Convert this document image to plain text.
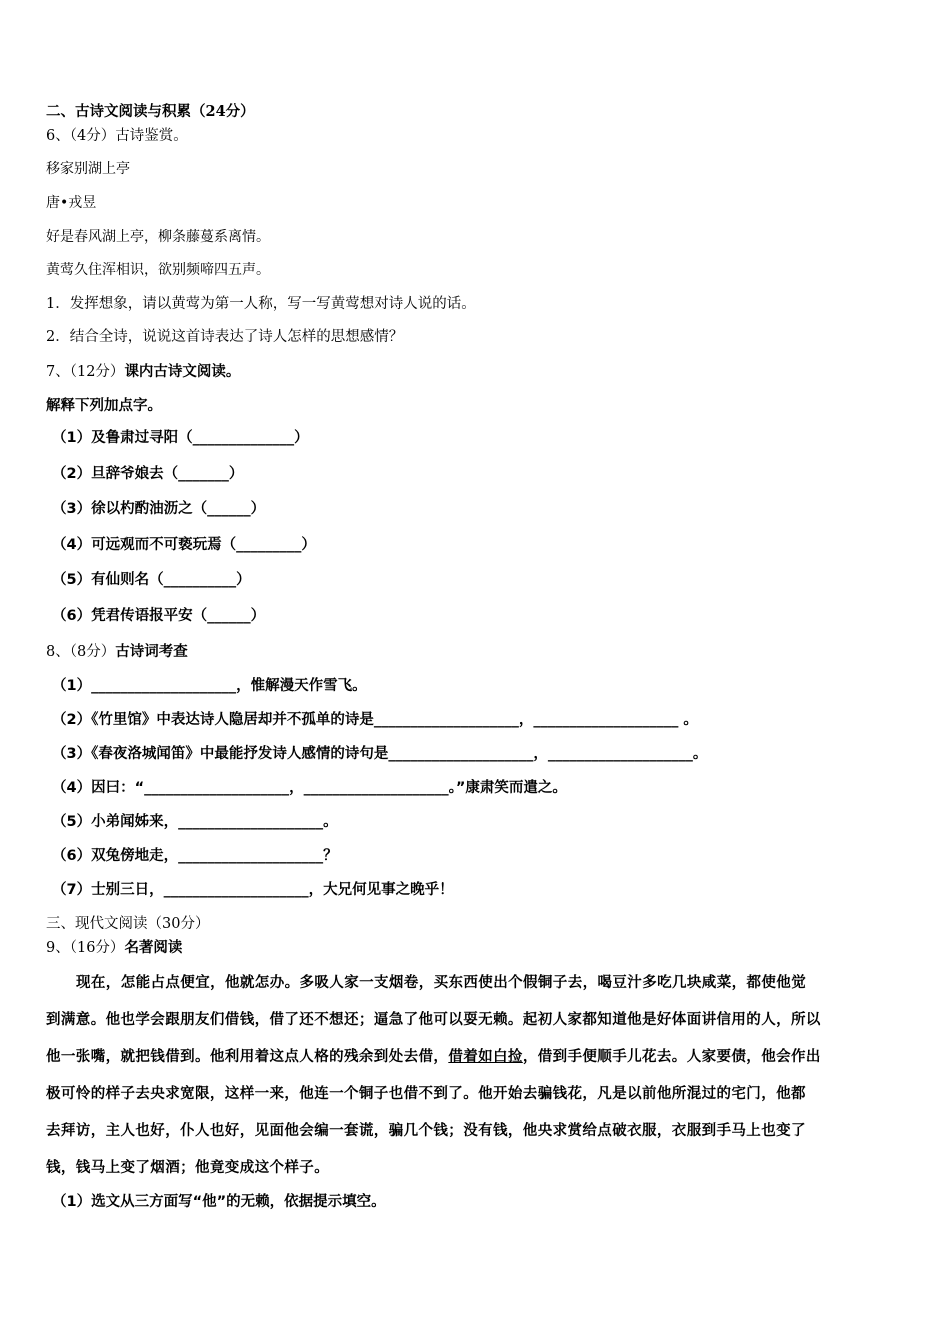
二、古诗文阅读与积累（24分）
6、（4分）古诗鉴赏。
移家别湖上亭
唐•戎昱
好是春风湖上亭，柳条藤蔓系离情。
黄莺久住浑相识，欲别频啼四五声。
1．发挥想象，请以黄莺为第一人称，写一写黄莺想对诗人说的话。
2．结合全诗，说说这首诗表达了诗人怎样的思想感情？
7、（12分）课内古诗文阅读。
解释下列加点字。
（1）及鲁肃过寻阳（______________）
（2）旦辞爷娘去（_______）
（3）徐以杓酌油沥之（______）
（4）可远观而不可亵玩焉（_________）
（5）有仙则名（__________）
（6）凭君传语报平安（______）
8、（8分）古诗词考查
（1）____________________，惟解漫天作雪飞。
（2）《竹里馆》中表达诗人隐居却并不孤单的诗是____________________，____________________ 。
（3）《春夜洛城闻笛》中最能抒发诗人感情的诗句是____________________，____________________。
（4）因曰：“____________________，____________________。”康肃笑而遣之。
（5）小弟闻姊来，____________________。
（6）双兔傍地走，____________________？
（7）士别三日，____________________，大兄何见事之晚乎！
三、现代文阅读（30分）
9、（16分）名著阅读
现在，怎能占点便宜，他就怎办。多吸人家一支烟卷，买东西使出个假铜子去，喝豆汁多吃几块咸菜，都使他觉
到满意。他也学会跟朋友们借钱，借了还不想还；逼急了他可以耍无赖。起初人家都知道他是好体面讲信用的人，所以
他一张嘴，就把钱借到。他利用着这点人格的残余到处去借，借着如白捡，借到手便顺手儿花去。人家要债，他会作出
极可怜的样子去央求宽限，这样一来，他连一个铜子也借不到了。他开始去骗钱花，凡是以前他所混过的宅门，他都
去拜访，主人也好，仆人也好，见面他会编一套谎，骗几个钱；没有钱，他央求赏给点破衣服，衣服到手马上也变了
钱，钱马上变了烟酒；他竟变成这个样子。
（1）选文从三方面写“他”的无赖，依据提示填空。
